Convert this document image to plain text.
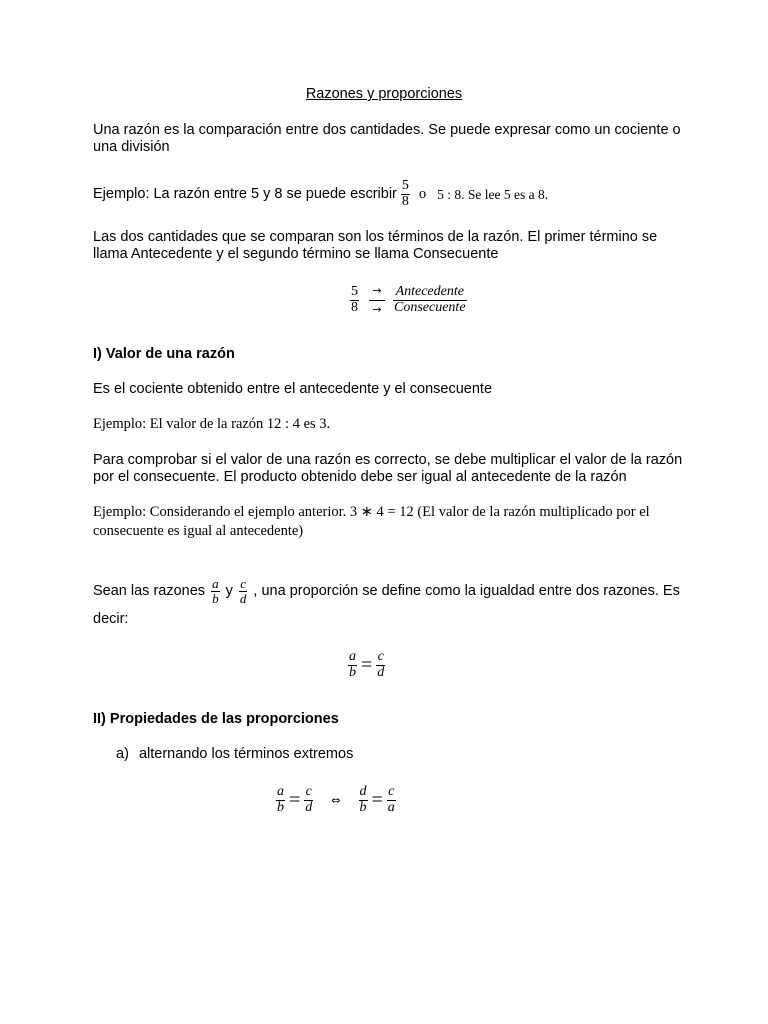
Razones y proporciones
Una razón es la comparación entre dos cantidades. Se puede expresar como un cociente o una división
Ejemplo: La razón entre 5 y 8 se puede escribir $\frac{5}{8}$ o 5 : 8. Se lee 5 es a 8.
Las dos cantidades que se comparan son los términos de la razón. El primer término se llama Antecedente y el segundo término se llama Consecuente
$\frac{5}{8}$ →
→ $\frac{\text{Antecedente}}{\text{Consecuente}}$
I) Valor de una razón
Es el cociente obtenido entre el antecedente y el consecuente
Ejemplo: El valor de la razón 12 : 4 es 3.
Para comprobar si el valor de una razón es correcto, se debe multiplicar el valor de la razón por el consecuente. El producto obtenido debe ser igual al antecedente de la razón
Ejemplo: Considerando el ejemplo anterior. 3 ∗ 4 = 12 (El valor de la razón multiplicado por el consecuente es igual al antecedente)
Sean las razones $\frac{a}{b}$ y $\frac{c}{d}$ , una proporción se define como la igualdad entre dos razones. Es decir:
$\frac{a}{b} = \frac{c}{d}$
II) Propiedades de las proporciones
a) alternando los términos extremos
$\frac{a}{b} = \frac{c}{d}$ ⇔ $\frac{d}{b} = \frac{c}{a}$
